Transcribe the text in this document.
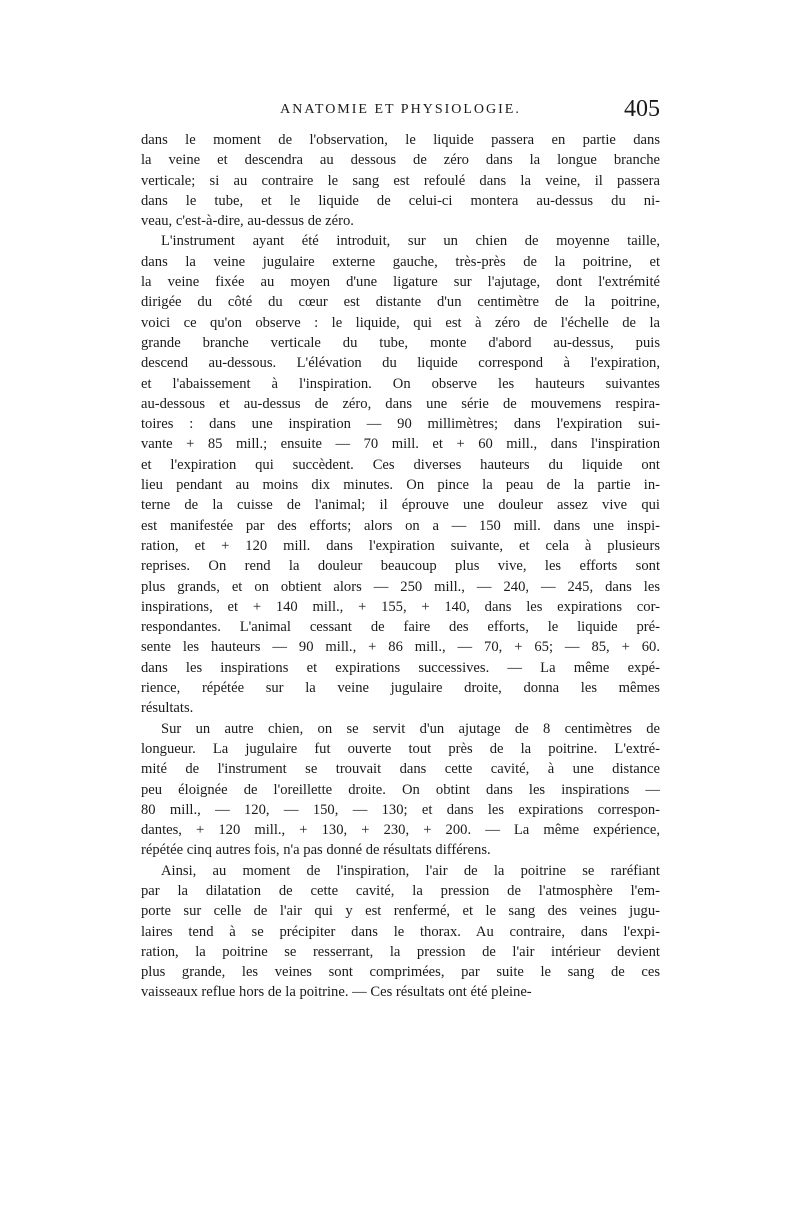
ANATOMIE ET PHYSIOLOGIE.	405
dans le moment de l'observation, le liquide passera en partie dans
la veine et descendra au dessous de zéro dans la longue branche
verticale; si au contraire le sang est refoulé dans la veine, il passera
dans le tube, et le liquide de celui-ci montera au-dessus du ni-
veau, c'est-à-dire, au-dessus de zéro.
L'instrument ayant été introduit, sur un chien de moyenne taille,
dans la veine jugulaire externe gauche, très-près de la poitrine, et
la veine fixée au moyen d'une ligature sur l'ajutage, dont l'extrémité
dirigée du côté du cœur est distante d'un centimètre de la poitrine,
voici ce qu'on observe : le liquide, qui est à zéro de l'échelle de la
grande branche verticale du tube, monte d'abord au-dessus, puis
descend au-dessous. L'élévation du liquide correspond à l'expiration,
et l'abaissement à l'inspiration. On observe les hauteurs suivantes
au-dessous et au-dessus de zéro, dans une série de mouvemens respira-
toires : dans une inspiration — 90 millimètres; dans l'expiration sui-
vante + 85 mill.; ensuite — 70 mill. et + 60 mill., dans l'inspiration
et l'expiration qui succèdent. Ces diverses hauteurs du liquide ont
lieu pendant au moins dix minutes. On pince la peau de la partie in-
terne de la cuisse de l'animal; il éprouve une douleur assez vive qui
est manifestée par des efforts; alors on a — 150 mill. dans une inspi-
ration, et + 120 mill. dans l'expiration suivante, et cela à plusieurs
reprises. On rend la douleur beaucoup plus vive, les efforts sont
plus grands, et on obtient alors — 250 mill., — 240, — 245, dans les
inspirations, et + 140 mill., + 155, + 140, dans les expirations cor-
respondantes. L'animal cessant de faire des efforts, le liquide pré-
sente les hauteurs — 90 mill., + 86 mill., — 70, + 65; — 85, + 60.
dans les inspirations et expirations successives. — La même expé-
rience, répétée sur la veine jugulaire droite, donna les mêmes
résultats.
Sur un autre chien, on se servit d'un ajutage de 8 centimètres de
longueur. La jugulaire fut ouverte tout près de la poitrine. L'extré-
mité de l'instrument se trouvait dans cette cavité, à une distance
peu éloignée de l'oreillette droite. On obtint dans les inspirations —
80 mill., — 120, — 150, — 130; et dans les expirations correspon-
dantes, + 120 mill., + 130, + 230, + 200. — La même expérience,
répétée cinq autres fois, n'a pas donné de résultats différens.
Ainsi, au moment de l'inspiration, l'air de la poitrine se raréfiant
par la dilatation de cette cavité, la pression de l'atmosphère l'em-
porte sur celle de l'air qui y est renfermé, et le sang des veines jugu-
laires tend à se précipiter dans le thorax. Au contraire, dans l'expi-
ration, la poitrine se resserrant, la pression de l'air intérieur devient
plus grande, les veines sont comprimées, par suite le sang de ces
vaisseaux reflue hors de la poitrine. — Ces résultats ont été pleine-
